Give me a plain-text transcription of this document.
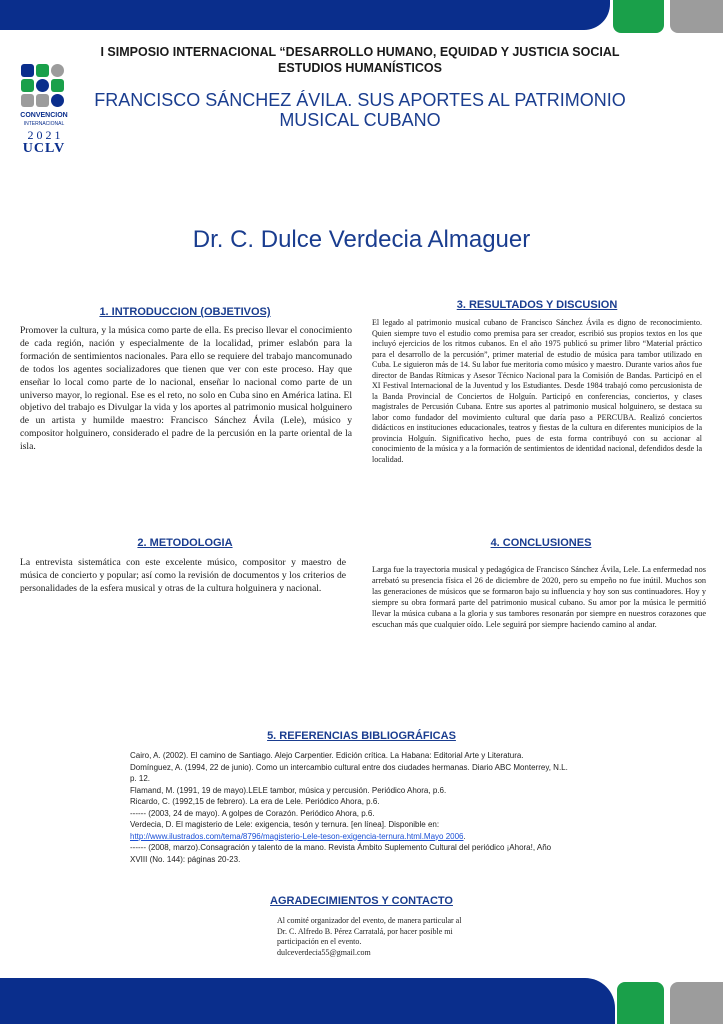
CONVENCION
INTERNACIONAL
2 0 2 1
UCLV
I SIMPOSIO INTERNACIONAL “DESARROLLO HUMANO, EQUIDAD Y JUSTICIA SOCIAL
ESTUDIOS HUMANÍSTICOS
FRANCISCO SÁNCHEZ ÁVILA. SUS APORTES AL PATRIMONIO MUSICAL CUBANO
Dr. C. Dulce Verdecia Almaguer
1. INTRODUCCION (OBJETIVOS)
Promover la cultura, y la música como parte de ella. Es preciso llevar el conocimiento de cada región, nación y especialmente de la localidad, primer eslabón para la formación de sentimientos nacionales. Para ello se requiere del trabajo mancomunado de todos los agentes socializadores que tienen que ver con este proceso. Hay que enseñar lo local como parte de lo nacional, enseñar lo nacional como parte de un universo mayor, lo regional. Ese es el reto, no solo en Cuba sino en América latina. El objetivo del trabajo es Divulgar la vida y los aportes al patrimonio musical holguinero de un artista y humilde maestro: Francisco Sánchez Ávila (Lele), músico y compositor holguinero, considerado el padre de la percusión en la parte oriental de la isla.
3. RESULTADOS Y DISCUSION
El legado al patrimonio musical cubano de Francisco Sánchez Ávila es digno de reconocimiento. Quien siempre tuvo el estudio como premisa para ser creador, escribió sus propios textos en los que incluyó ejercicios de los ritmos cubanos. En el año 1975 publicó su primer libro “Material práctico para el desarrollo de la percusión”, primer material de estudio de música para tambor utilizado en Cuba. Le siguieron más de 14. Su labor fue meritoria como músico y maestro. Durante varios años fue director de Bandas Rítmicas y Asesor Técnico Nacional para la Comisión de Bandas. Participó en el XI Festival Internacional de la Juventud y los Estudiantes. Desde 1984 trabajó como percusionista de la Banda Provincial de Conciertos de Holguín. Participó en conferencias, conciertos, y clases magistrales de Percusión Cubana. Entre sus aportes al patrimonio musical holguinero, se destaca su labor como fundador del movimiento cultural que daría paso a PERCUBA. Realizó conciertos didácticos en instituciones educacionales, teatros y fiestas de la cultura en diferentes municipios de la provincia Holguín. Significativo hecho, pues de esta forma contribuyó con su accionar al conocimiento de la música y a la formación de sentimientos de identidad nacional, defendidos desde la localidad.
2. METODOLOGIA
La entrevista sistemática con este excelente músico, compositor y maestro de música de concierto y popular; así como la revisión de documentos y los criterios de personalidades de la esfera musical y otras de la cultura holguinera y nacional.
4. CONCLUSIONES
Larga fue la trayectoria musical y pedagógica de Francisco Sánchez Ávila, Lele. La enfermedad nos arrebató su presencia física el 26 de diciembre de 2020, pero su empeño no fue inútil. Muchos son las generaciones de músicos que se formaron bajo su influencia y hoy son sus continuadores. Hoy y siempre su obra formará parte del patrimonio musical cubano. Su amor por la música le permitió llevar la música cubana a la gloria y sus tambores resonarán por siempre en nuestros corazones que escuchan más que cualquier oído. Lele seguirá por siempre haciendo camino al andar.
5. REFERENCIAS BIBLIOGRÁFICAS
Cairo, A. (2002). El camino de Santiago. Alejo Carpentier. Edición crítica. La Habana: Editorial Arte y Literatura.
Domínguez, A. (1994, 22 de junio). Como un intercambio cultural entre dos ciudades hermanas. Diario ABC Monterrey, N.L. p. 12.
Flamand, M. (1991, 19 de mayo).LELE tambor, música y percusión. Periódico Ahora, p.6.
Ricardo, C. (1992,15 de febrero). La era de Lele. Periódico Ahora, p.6.
------ (2003, 24 de mayo). A golpes de Corazón. Periódico Ahora, p.6.
Verdecia, D. El magisterio de Lele: exigencia, tesón y ternura. [en línea]. Disponible en:
http://www.ilustrados.com/tema/8796/magisterio-Lele-teson-exigencia-ternura.html.Mayo 2006.
------ (2008, marzo).Consagración y talento de la mano. Revista Ámbito Suplemento Cultural del periódico ¡Ahora!, Año XVIII (No. 144): páginas 20-23.
AGRADECIMIENTOS Y CONTACTO
Al comité organizador del evento, de manera particular al
Dr. C. Alfredo B. Pérez Carratalá, por hacer posible mi
participación en el evento.
dulceverdecia55@gmail.com
